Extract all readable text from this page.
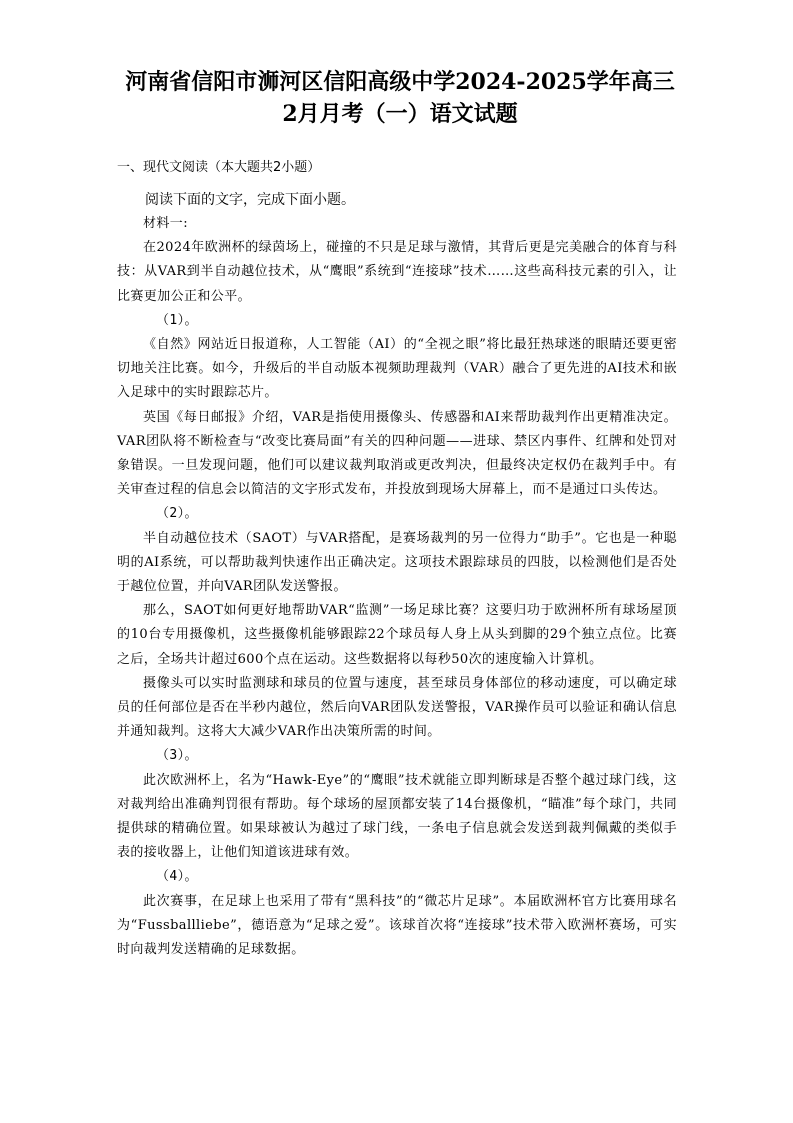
河南省信阳市浉河区信阳高级中学2024-2025学年高三2月月考（一）语文试题

一、现代文阅读（本大题共2小题）

阅读下面的文字，完成下面小题。

材料一:

在2024年欧洲杯的绿茵场上，碰撞的不只是足球与激情，其背后更是完美融合的体育与科技：从VAR到半自动越位技术，从“鹰眼”系统到“连接球”技术……这些高科技元素的引入，让比赛更加公正和公平。

（1）。

《自然》网站近日报道称，人工智能（AI）的“全视之眼”将比最狂热球迷的眼睛还要更密切地关注比赛。如今，升级后的半自动版本视频助理裁判（VAR）融合了更先进的AI技术和嵌入足球中的实时跟踪芯片。

英国《每日邮报》介绍，VAR是指使用摄像头、传感器和AI来帮助裁判作出更精准决定。VAR团队将不断检查与“改变比赛局面”有关的四种问题——进球、禁区内事件、红牌和处罚对象错误。一旦发现问题，他们可以建议裁判取消或更改判决，但最终决定权仍在裁判手中。有关审查过程的信息会以简洁的文字形式发布，并投放到现场大屏幕上，而不是通过口头传达。

（2）。

半自动越位技术（SAOT）与VAR搭配，是赛场裁判的另一位得力“助手”。它也是一种聪明的AI系统，可以帮助裁判快速作出正确决定。这项技术跟踪球员的四肢，以检测他们是否处于越位位置，并向VAR团队发送警报。

那么，SAOT如何更好地帮助VAR“监测”一场足球比赛？这要归功于欧洲杯所有球场屋顶的10台专用摄像机，这些摄像机能够跟踪22个球员每人身上从头到脚的29个独立点位。比赛之后，全场共计超过600个点在运动。这些数据将以每秒50次的速度输入计算机。

摄像头可以实时监测球和球员的位置与速度，甚至球员身体部位的移动速度，可以确定球员的任何部位是否在半秒内越位，然后向VAR团队发送警报，VAR操作员可以验证和确认信息并通知裁判。这将大大减少VAR作出决策所需的时间。

（3）。

此次欧洲杯上，名为“Hawk-Eye”的“鹰眼”技术就能立即判断球是否整个越过球门线，这对裁判给出准确判罚很有帮助。每个球场的屋顶都安装了14台摄像机，“瞄准”每个球门，共同提供球的精确位置。如果球被认为越过了球门线，一条电子信息就会发送到裁判佩戴的类似手表的接收器上，让他们知道该进球有效。

（4）。

此次赛事，在足球上也采用了带有“黑科技”的“微芯片足球”。本届欧洲杯官方比赛用球名为“Fussballliebe”，德语意为“足球之爱”。该球首次将“连接球”技术带入欧洲杯赛场，可实时向裁判发送精确的足球数据。
